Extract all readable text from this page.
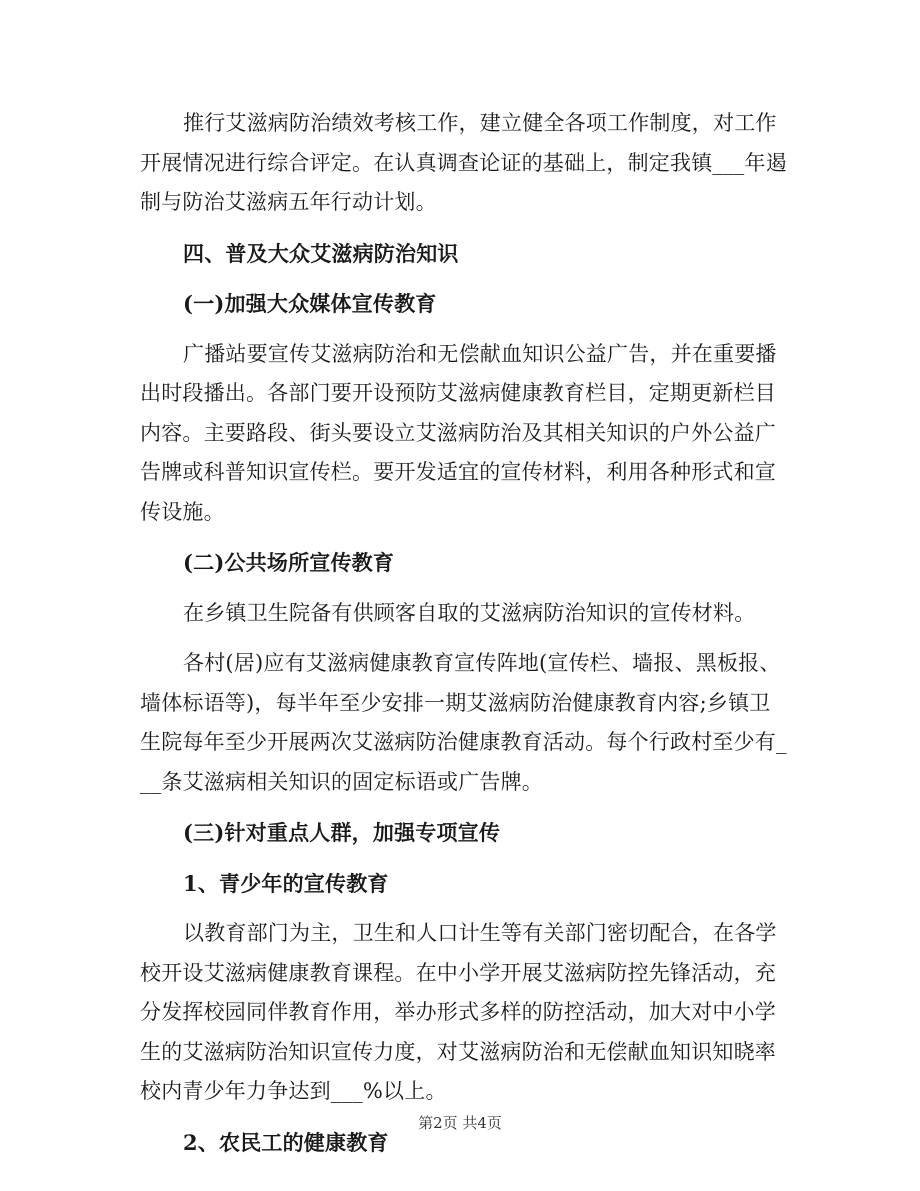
推行艾滋病防治绩效考核工作，建立健全各项工作制度，对工作
开展情况进行综合评定。在认真调查论证的基础上，制定我镇___年遏
制与防治艾滋病五年行动计划。
四、普及大众艾滋病防治知识
(一)加强大众媒体宣传教育
广播站要宣传艾滋病防治和无偿献血知识公益广告，并在重要播
出时段播出。各部门要开设预防艾滋病健康教育栏目，定期更新栏目
内容。主要路段、街头要设立艾滋病防治及其相关知识的户外公益广
告牌或科普知识宣传栏。要开发适宜的宣传材料，利用各种形式和宣
传设施。
(二)公共场所宣传教育
在乡镇卫生院备有供顾客自取的艾滋病防治知识的宣传材料。
各村(居)应有艾滋病健康教育宣传阵地(宣传栏、墙报、黑板报、
墙体标语等)，每半年至少安排一期艾滋病防治健康教育内容;乡镇卫
生院每年至少开展两次艾滋病防治健康教育活动。每个行政村至少有_
__条艾滋病相关知识的固定标语或广告牌。
(三)针对重点人群，加强专项宣传
1、青少年的宣传教育
以教育部门为主，卫生和人口计生等有关部门密切配合，在各学
校开设艾滋病健康教育课程。在中小学开展艾滋病防控先锋活动，充
分发挥校园同伴教育作用，举办形式多样的防控活动，加大对中小学
生的艾滋病防治知识宣传力度，对艾滋病防治和无偿献血知识知晓率
校内青少年力争达到___%以上。
2、农民工的健康教育
第2页 共4页
